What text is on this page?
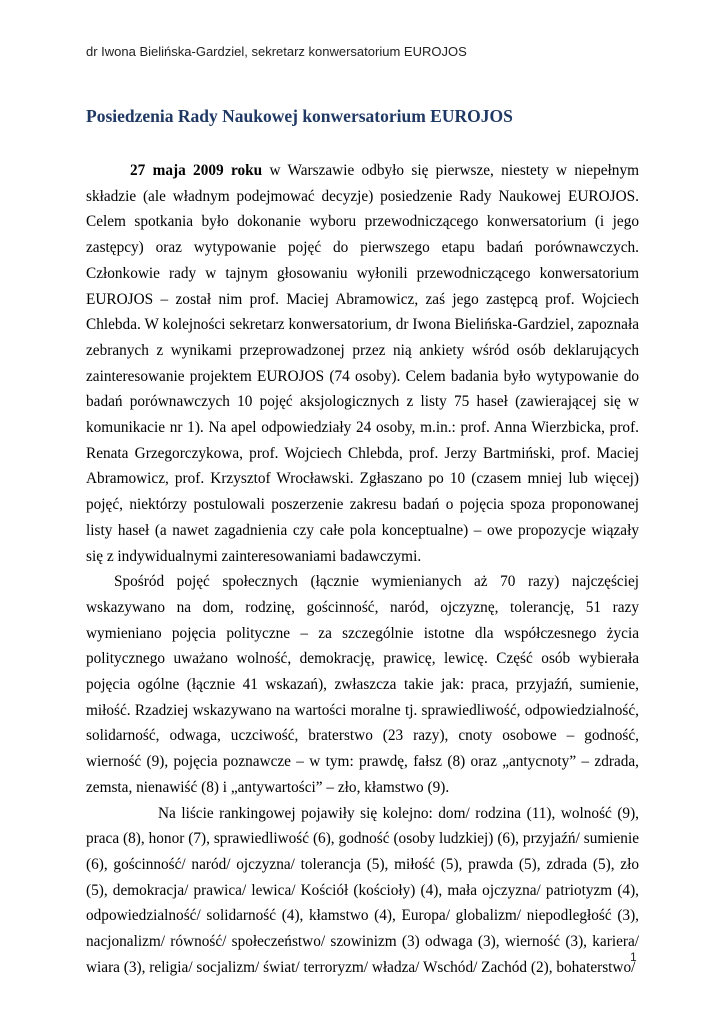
dr Iwona Bielińska-Gardziel, sekretarz konwersatorium EUROJOS
Posiedzenia Rady Naukowej konwersatorium EUROJOS

27 maja 2009 roku w Warszawie odbyło się pierwsze, niestety w niepełnym składzie (ale władnym podejmować decyzje) posiedzenie Rady Naukowej EUROJOS. Celem spotkania było dokonanie wyboru przewodniczącego konwersatorium (i jego zastępcy) oraz wytypowanie pojęć do pierwszego etapu badań porównawczych. Członkowie rady w tajnym głosowaniu wyłonili przewodniczącego konwersatorium EUROJOS – został nim prof. Maciej Abramowicz, zaś jego zastępcą prof. Wojciech Chlebda. W kolejności sekretarz konwersatorium, dr Iwona Bielińska-Gardziel, zapoznała zebranych z wynikami przeprowadzonej przez nią ankiety wśród osób deklarujących zainteresowanie projektem EUROJOS (74 osoby). Celem badania było wytypowanie do badań porównawczych 10 pojęć aksjologicznych z listy 75 haseł (zawierającej się w komunikacie nr 1). Na apel odpowiedziały 24 osoby, m.in.: prof. Anna Wierzbicka, prof. Renata Grzegorczykowa, prof. Wojciech Chlebda, prof. Jerzy Bartmiński, prof. Maciej Abramowicz, prof. Krzysztof Wrocławski. Zgłaszano po 10 (czasem mniej lub więcej) pojęć, niektórzy postulowali poszerzenie zakresu badań o pojęcia spoza proponowanej listy haseł (a nawet zagadnienia czy całe pola konceptualne) – owe propozycje wiązały się z indywidualnymi zainteresowaniami badawczymi.

Spośród pojęć społecznych (łącznie wymienianych aż 70 razy) najczęściej wskazywano na dom, rodzinę, gościnność, naród, ojczyznę, tolerancję, 51 razy wymieniano pojęcia polityczne – za szczególnie istotne dla współczesnego życia politycznego uważano wolność, demokrację, prawicę, lewicę. Część osób wybierała pojęcia ogólne (łącznie 41 wskazań), zwłaszcza takie jak: praca, przyjaźń, sumienie, miłość. Rzadziej wskazywano na wartości moralne tj. sprawiedliwość, odpowiedzialność, solidarność, odwaga, uczciwość, braterstwo (23 razy), cnoty osobowe – godność, wierność (9), pojęcia poznawcze – w tym: prawdę, fałsz (8) oraz „antycnoty” – zdrada, zemsta, nienawiść (8) i „antywartości” – zło, kłamstwo (9).

Na liście rankingowej pojawiły się kolejno: dom/ rodzina (11), wolność (9), praca (8), honor (7), sprawiedliwość (6), godność (osoby ludzkiej) (6), przyjaźń/ sumienie (6), gościnność/ naród/ ojczyzna/ tolerancja (5), miłość (5), prawda (5), zdrada (5), zło (5), demokracja/ prawica/ lewica/ Kościół (kościoły) (4), mała ojczyzna/ patriotyzm (4), odpowiedzialność/ solidarność (4), kłamstwo (4), Europa/ globalizm/ niepodległość (3), nacjonalizm/ równość/ społeczeństwo/ szowinizm (3) odwaga (3), wierność (3), kariera/ wiara (3), religia/ socjalizm/ świat/ terroryzm/ władza/ Wschód/ Zachód (2), bohaterstwo/

1
